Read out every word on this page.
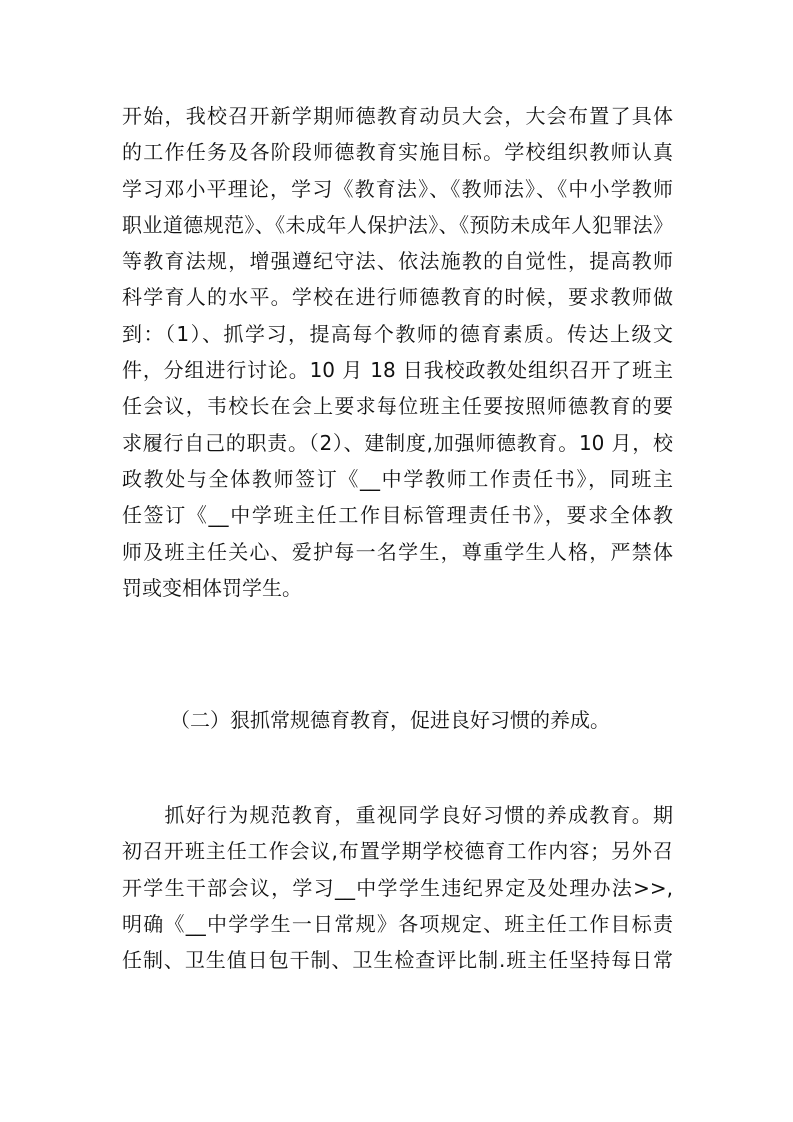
开始，我校召开新学期师德教育动员大会，大会布置了具体
的工作任务及各阶段师德教育实施目标。学校组织教师认真
学习邓小平理论，学习《教育法》、《教师法》、《中小学教师
职业道德规范》、《未成年人保护法》、《预防未成年人犯罪法》
等教育法规，增强遵纪守法、依法施教的自觉性，提高教师
科学育人的水平。学校在进行师德教育的时候，要求教师做
到：（1）、抓学习，提高每个教师的德育素质。传达上级文
件，分组进行讨论。10 月 18 日我校政教处组织召开了班主
任会议，韦校长在会上要求每位班主任要按照师德教育的要
求履行自己的职责。（2）、建制度,加强师德教育。10 月，校
政教处与全体教师签订《__中学教师工作责任书》，同班主
任签订《__中学班主任工作目标管理责任书》，要求全体教
师及班主任关心、爱护每一名学生，尊重学生人格，严禁体
罚或变相体罚学生。
（二）狠抓常规德育教育，促进良好习惯的养成。
　　抓好行为规范教育，重视同学良好习惯的养成教育。期
初召开班主任工作会议,布置学期学校德育工作内容；另外召
开学生干部会议，学习__中学学生违纪界定及处理办法>>,
明确《__中学学生一日常规》各项规定、班主任工作目标责
任制、卫生值日包干制、卫生检查评比制.班主任坚持每日常
